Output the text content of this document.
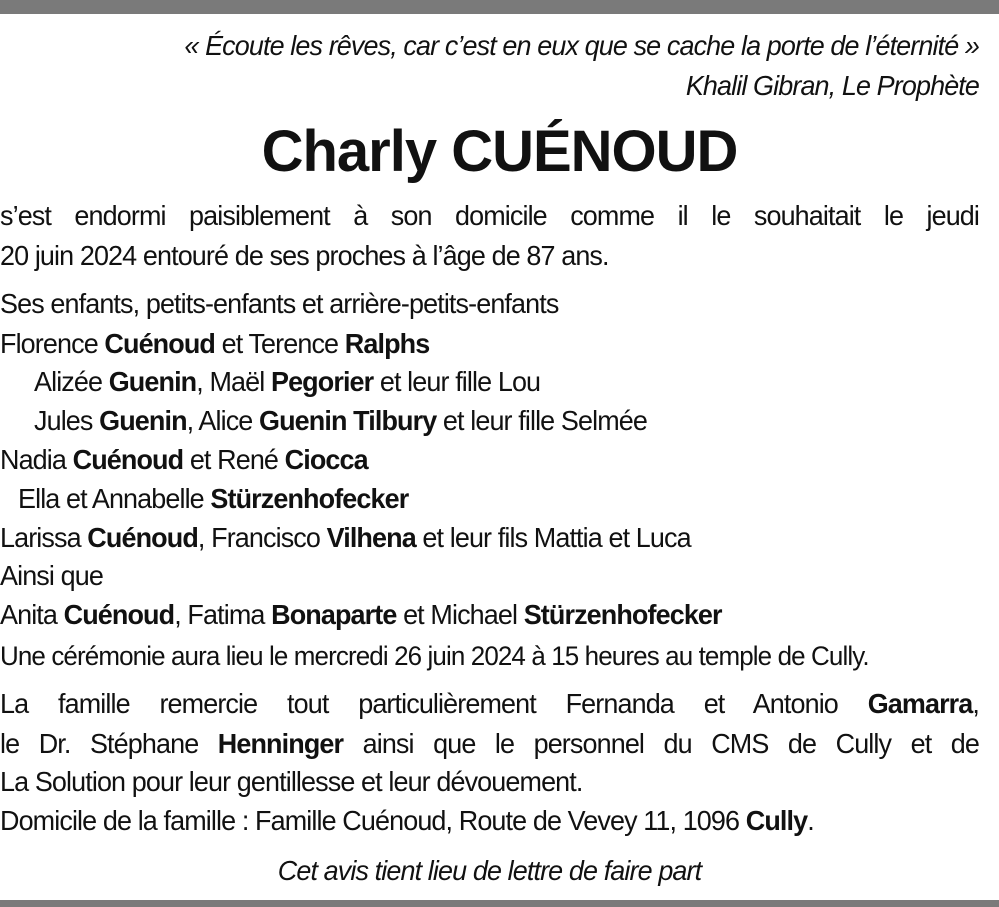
« Écoute les rêves, car c’est en eux que se cache la porte de l’éternité »
Khalil Gibran, Le Prophète
Charly CUÉNOUD
s’est endormi paisiblement à son domicile comme il le souhaitait le jeudi
20 juin 2024 entouré de ses proches à l’âge de 87 ans.
Ses enfants, petits-enfants et arrière-petits-enfants
Florence Cuénoud et Terence Ralphs
Alizée Guenin, Maël Pegorier et leur fille Lou
Jules Guenin, Alice Guenin Tilbury et leur fille Selmée
Nadia Cuénoud et René Ciocca
Ella et Annabelle Stürzenhofecker
Larissa Cuénoud, Francisco Vilhena et leur fils Mattia et Luca
Ainsi que
Anita Cuénoud, Fatima Bonaparte et Michael Stürzenhofecker
Une cérémonie aura lieu le mercredi 26 juin 2024 à 15 heures au temple de Cully.
La famille remercie tout particulièrement Fernanda et Antonio Gamarra,
le Dr. Stéphane Henninger ainsi que le personnel du CMS de Cully et de
La Solution pour leur gentillesse et leur dévouement.
Domicile de la famille : Famille Cuénoud, Route de Vevey 11, 1096 Cully.
Cet avis tient lieu de lettre de faire part
